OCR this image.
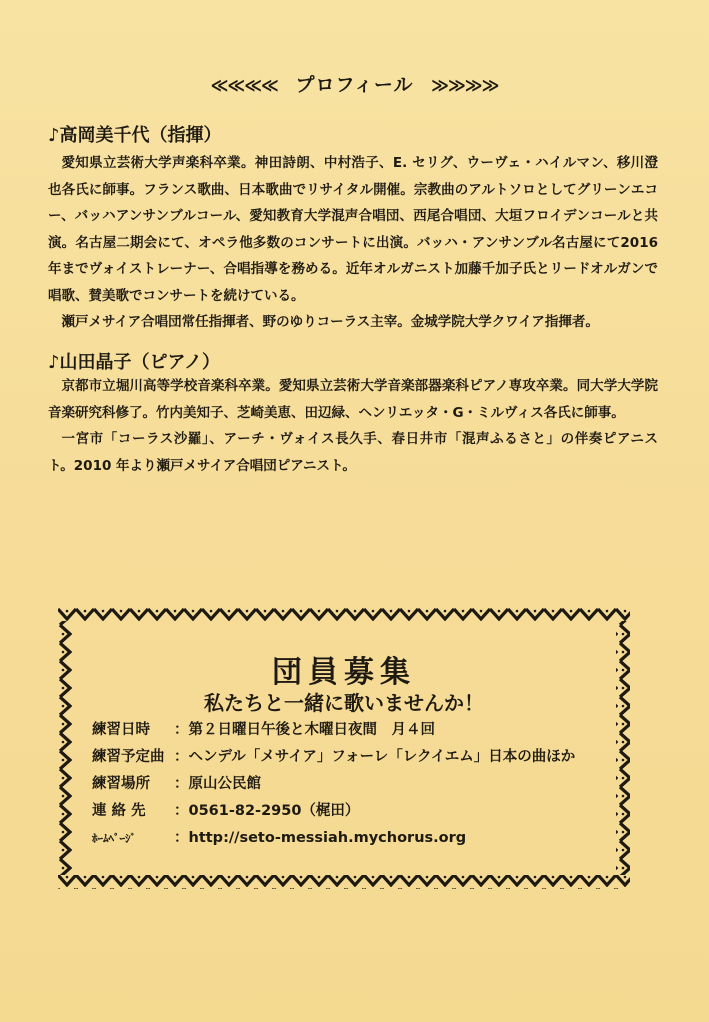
≪≪≪≪ プロフィール ≫≫≫≫
♪高岡美千代（指揮）

愛知県立芸術大学声楽科卒業。神田詩朗、中村浩子、E. セリグ、ウーヴェ・ハイルマン、移川澄也各氏に師事。フランス歌曲、日本歌曲でリサイタル開催。宗教曲のアルトソロとしてグリーンエコー、バッハアンサンブルコール、愛知教育大学混声合唱団、西尾合唱団、大垣フロイデンコールと共演。名古屋二期会にて、オペラ他多数のコンサートに出演。バッハ・アンサンブル名古屋にて2016年までヴォイストレーナー、合唱指導を務める。近年オルガニスト加藤千加子氏とリードオルガンで唱歌、賛美歌でコンサートを続けている。

瀬戸メサイア合唱団常任指揮者、野のゆりコーラス主宰。金城学院大学クワイア指揮者。

♪山田晶子（ピアノ）

京都市立堀川高等学校音楽科卒業。愛知県立芸術大学音楽部器楽科ピアノ専攻卒業。同大学大学院音楽研究科修了。竹内美知子、芝崎美恵、田辺緑、ヘンリエッタ・G・ミルヴィス各氏に師事。

一宮市「コーラス沙羅」、アーチ・ヴォイス長久手、春日井市「混声ふるさと」の伴奏ピアニスト。2010 年より瀬戸メサイア合唱団ピアニスト。

団員募集
私たちと一緒に歌いませんか！
練習日時	：第２日曜日午後と木曜日夜間　月４回
練習予定曲 ：ヘンデル「メサイア」フォーレ「レクイエム」日本の曲ほか
練習場所	：原山公民館
連 絡 先	：0561-82-2950（梶田）
ﾎｰﾑﾍﾟｰｼﾞ	：http://seto-messiah.mychorus.org
